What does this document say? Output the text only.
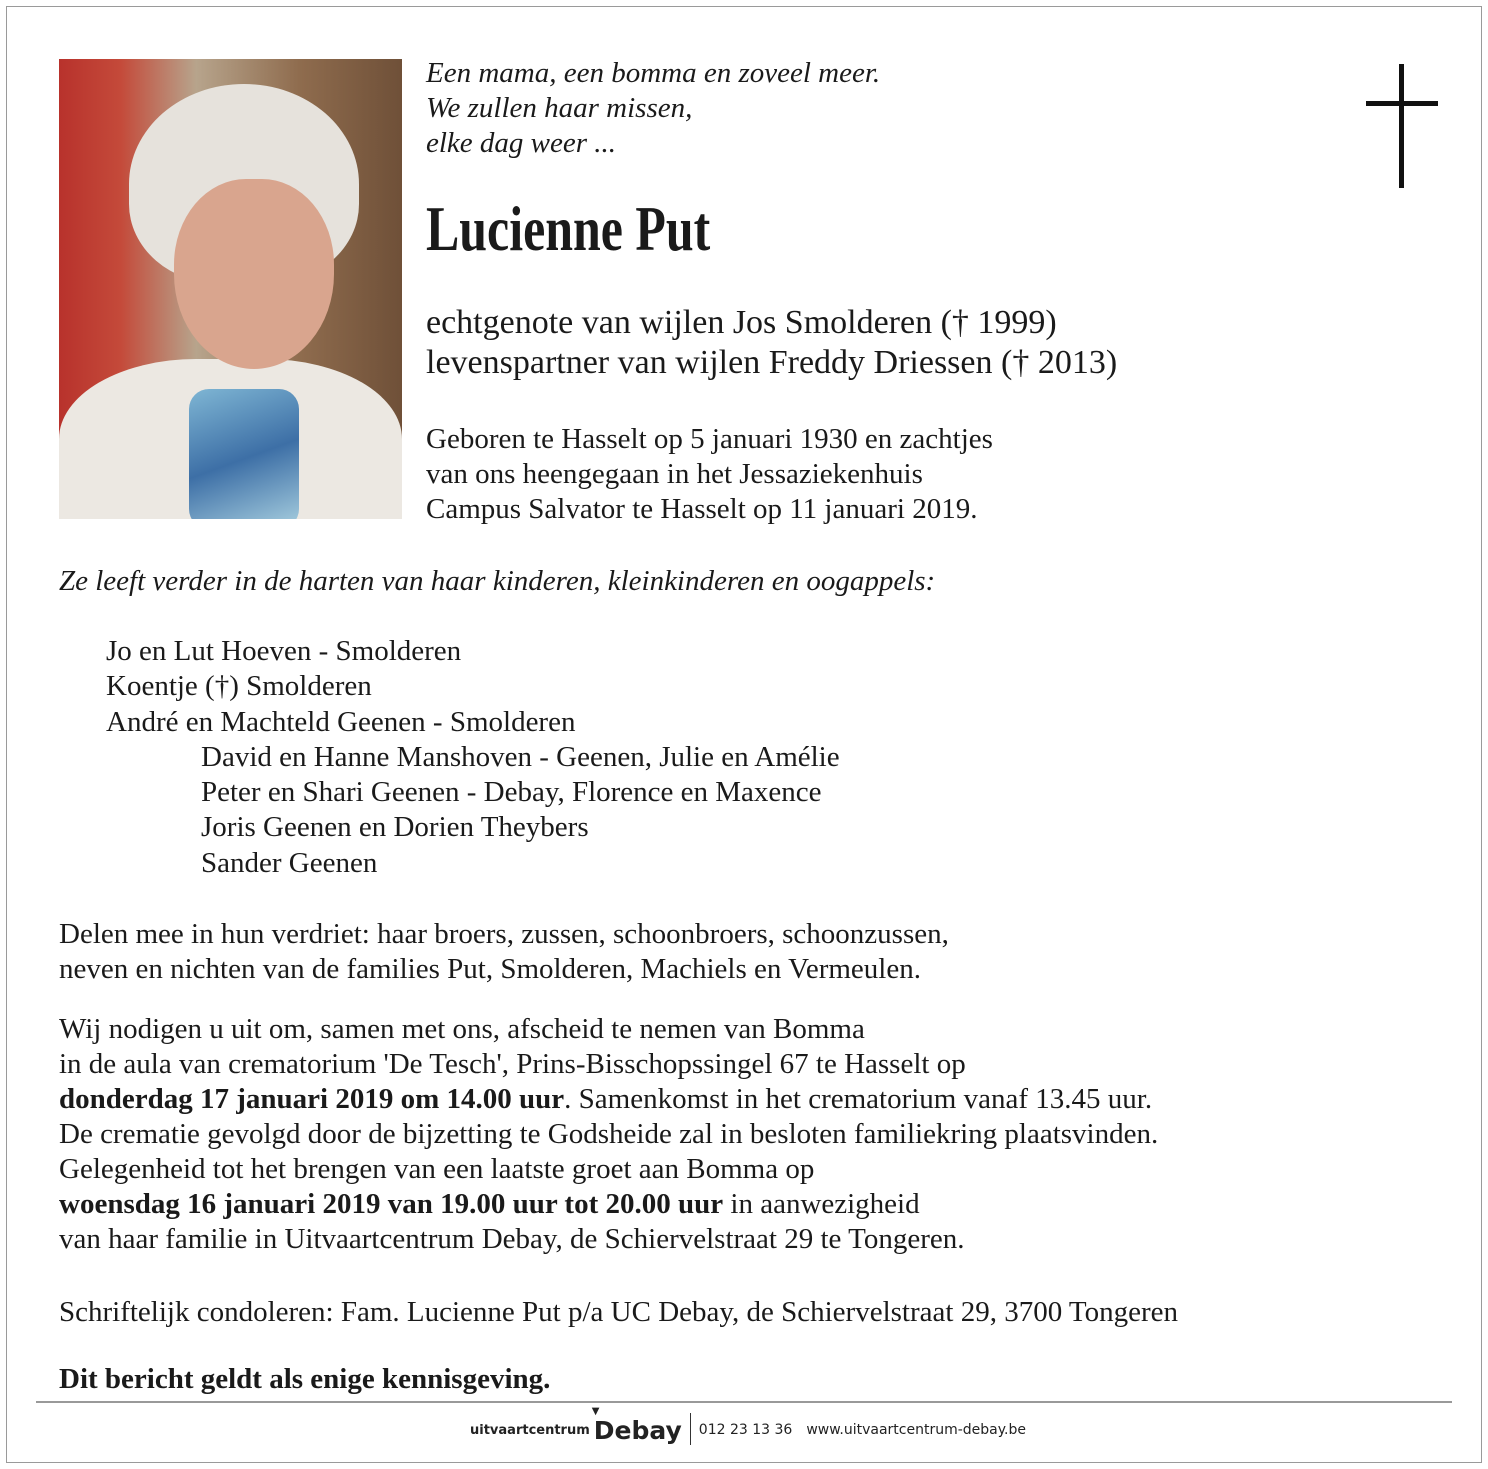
Een mama, een bomma en zoveel meer.
We zullen haar missen,
elke dag weer ...
Lucienne Put
echtgenote van wijlen Jos Smolderen († 1999)
levenspartner van wijlen Freddy Driessen († 2013)
Geboren te Hasselt op 5 januari 1930 en zachtjes
van ons heengegaan in het Jessaziekenhuis
Campus Salvator te Hasselt op 11 januari 2019.
Ze leeft verder in de harten van haar kinderen, kleinkinderen en oogappels:
Jo en Lut Hoeven - Smolderen
Koentje (†) Smolderen
André en Machteld Geenen - Smolderen
David en Hanne Manshoven - Geenen, Julie en Amélie
Peter en Shari Geenen - Debay, Florence en Maxence
Joris Geenen en Dorien Theybers
Sander Geenen
Delen mee in hun verdriet: haar broers, zussen, schoonbroers, schoonzussen,
neven en nichten van de families Put, Smolderen, Machiels en Vermeulen.
Wij nodigen u uit om, samen met ons, afscheid te nemen van Bomma
in de aula van crematorium 'De Tesch', Prins-Bisschopssingel 67 te Hasselt op
donderdag 17 januari 2019 om 14.00 uur. Samenkomst in het crematorium vanaf 13.45 uur.
De crematie gevolgd door de bijzetting te Godsheide zal in besloten familiekring plaatsvinden.
Gelegenheid tot het brengen van een laatste groet aan Bomma op
woensdag 16 januari 2019 van 19.00 uur tot 20.00 uur in aanwezigheid
van haar familie in Uitvaartcentrum Debay, de Schiervelstraat 29 te Tongeren.
Schriftelijk condoleren: Fam. Lucienne Put p/a UC Debay, de Schiervelstraat 29, 3700 Tongeren
Dit bericht geldt als enige kennisgeving.
uitvaartcentrum
▼
Debay 012 23 13 36 www.uitvaartcentrum-debay.be
